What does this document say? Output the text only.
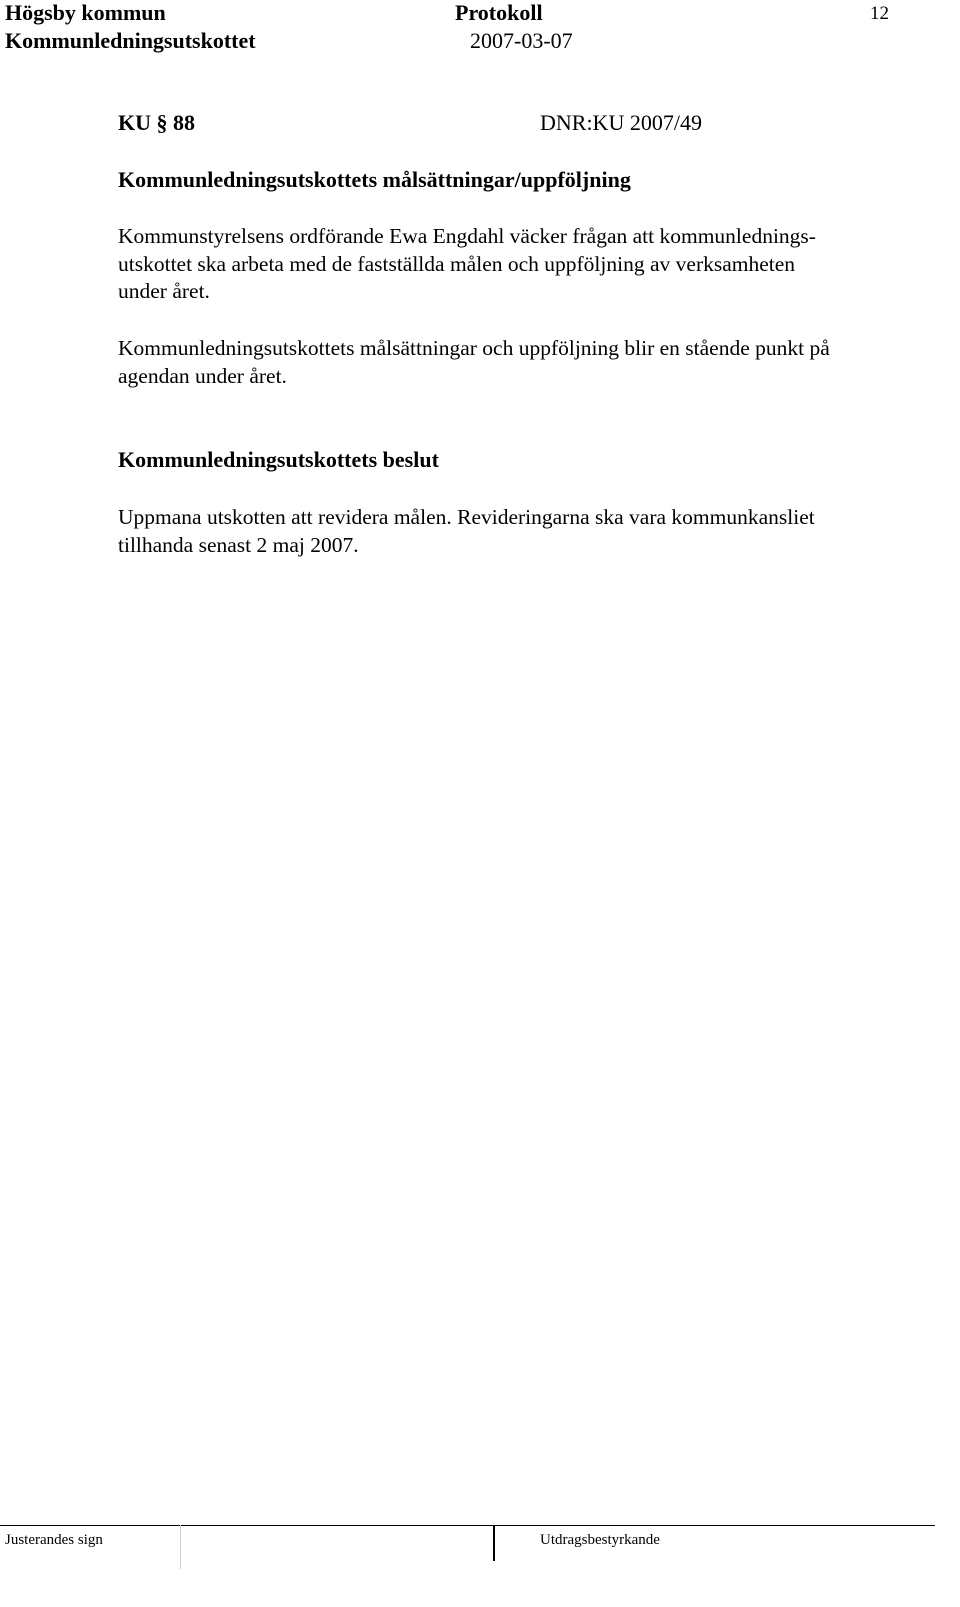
Högsby kommun	Protokoll	12
Kommunledningsutskottet	2007-03-07
KU § 88	DNR:KU 2007/49
Kommunledningsutskottets målsättningar/uppföljning
Kommunstyrelsens ordförande Ewa Engdahl väcker frågan att kommunlednings-
utskottet ska arbeta med de fastställda målen och uppföljning av verksamheten
under året.
Kommunledningsutskottets målsättningar och uppföljning blir en stående punkt på
agendan under året.
Kommunledningsutskottets beslut
Uppmana utskotten att revidera målen. Revideringarna ska vara kommunkansliet
tillhanda senast 2 maj 2007.
Justerandes sign	Utdragsbestyrkande
